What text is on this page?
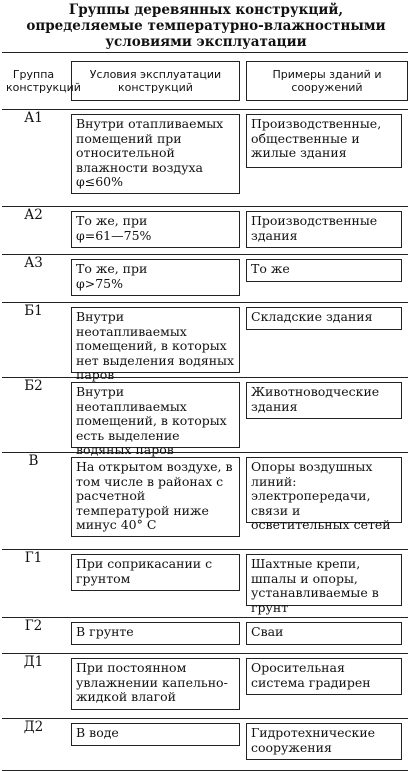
Группы деревянных конструкций,
определяемые температурно-влажностными
условиями эксплуатации
Группа конструкций	Условия эксплуатации конструкций	Примеры зданий и сооружений

А1	Внутри отапливаемых помещений при относительной влажности воздуха φ≤60%	Производственные, общественные и жилые здания

А2	То же, при φ=61—75%	Производственные здания

А3	То же, при φ>75%	То же

Б1	Внутри неотапливаемых помещений, в которых нет выделения водяных паров	Складские здания

Б2	Внутри неотапливаемых помещений, в которых есть выделение водяных паров	Животноводческие здания

В	На открытом воздухе, в том числе в районах с расчетной температурой ниже минус 40° С	Опоры воздушных линий: электропередачи, связи и осветительных сетей

Г1	При соприкасании с грунтом	Шахтные крепи, шпалы и опоры, устанавливаемые в грунт

Г2	В грунте	Сваи

Д1	При постоянном увлажнении капельно-жидкой влагой	Оросительная система градирен

Д2	В воде	Гидротехнические сооружения
